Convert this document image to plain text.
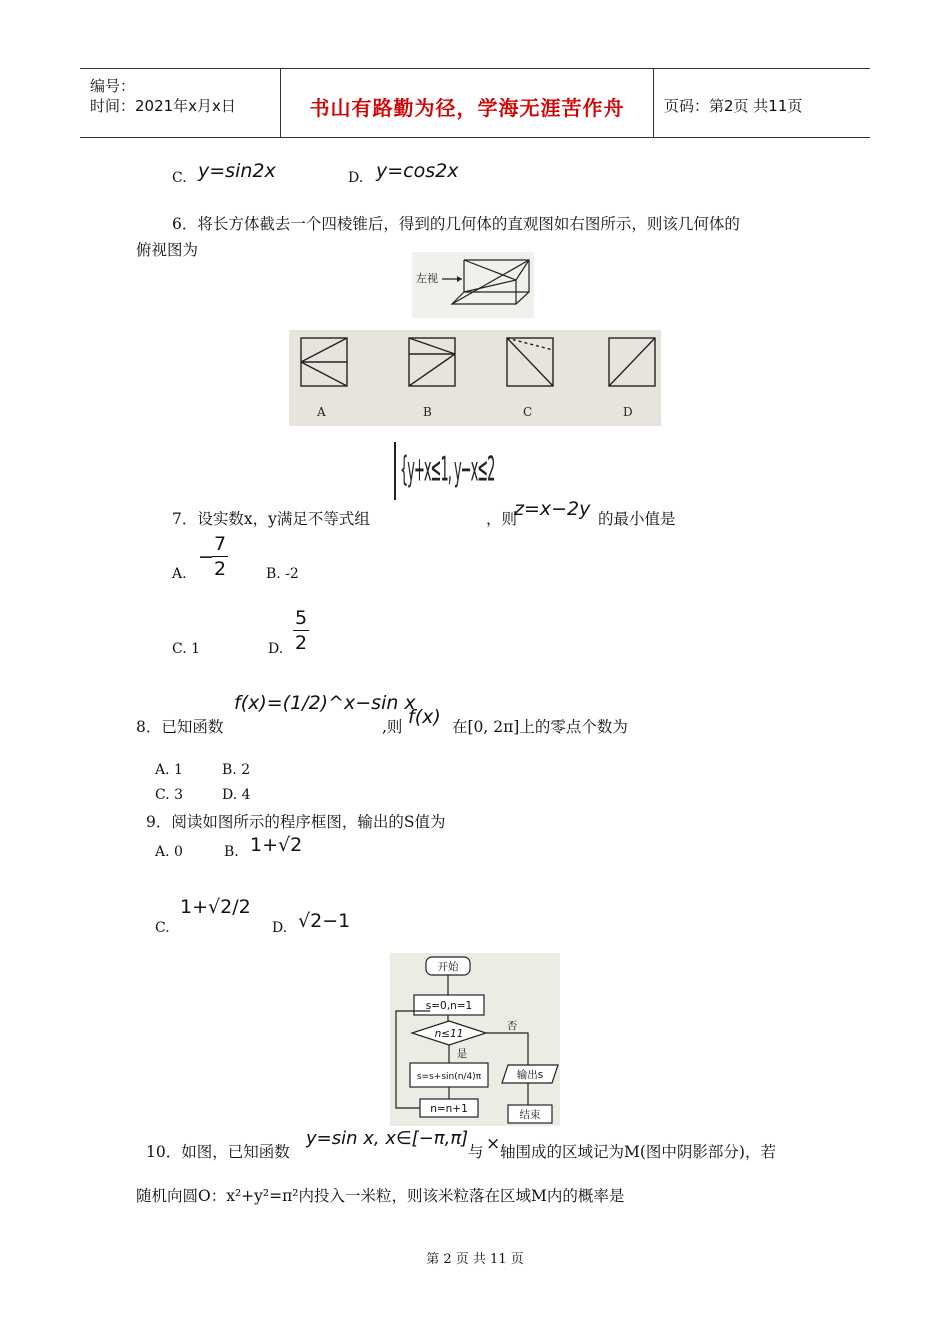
编号：
时间：2021年x月x日	书山有路勤为径，学海无涯苦作舟	页码：第2页 共11页
C. y=sin2x	D. y=cos2x
6．将长方体截去一个四棱锥后，得到的几何体的直观图如右图所示，则该几何体的
俯视图为
左视
A	B	C	D
7．设实数x，y满足不等式组
{y+x≤1, y−x≤2
，则
z=x−2y 的最小值是
A.
−
$\frac{7}{2}$	B. -2
C. 1	D. $\frac{5}{2}$
8．已知函数
f(x)=(1/2)^x−sin x
,则 f(x) 在[0, 2π]上的零点个数为
A. 1	B. 2
C. 3	D. 4
9．阅读如图所示的程序框图，输出的S值为
A. 0	B. 1+√2
C.
1+√2/2
D. √2−1
开始
s=0,n=1
n≤11
否
是
s=s+sin(n/4)π	输出s
n=n+1	结束
10．如图，已知函数
y=sin x, x∈[−π,π]
与 × 轴围成的区域记为M(图中阴影部分)，若
随机向圆O：x²+y²=π²内投入一米粒，则该米粒落在区域M内的概率是
第 2 页 共 11 页
